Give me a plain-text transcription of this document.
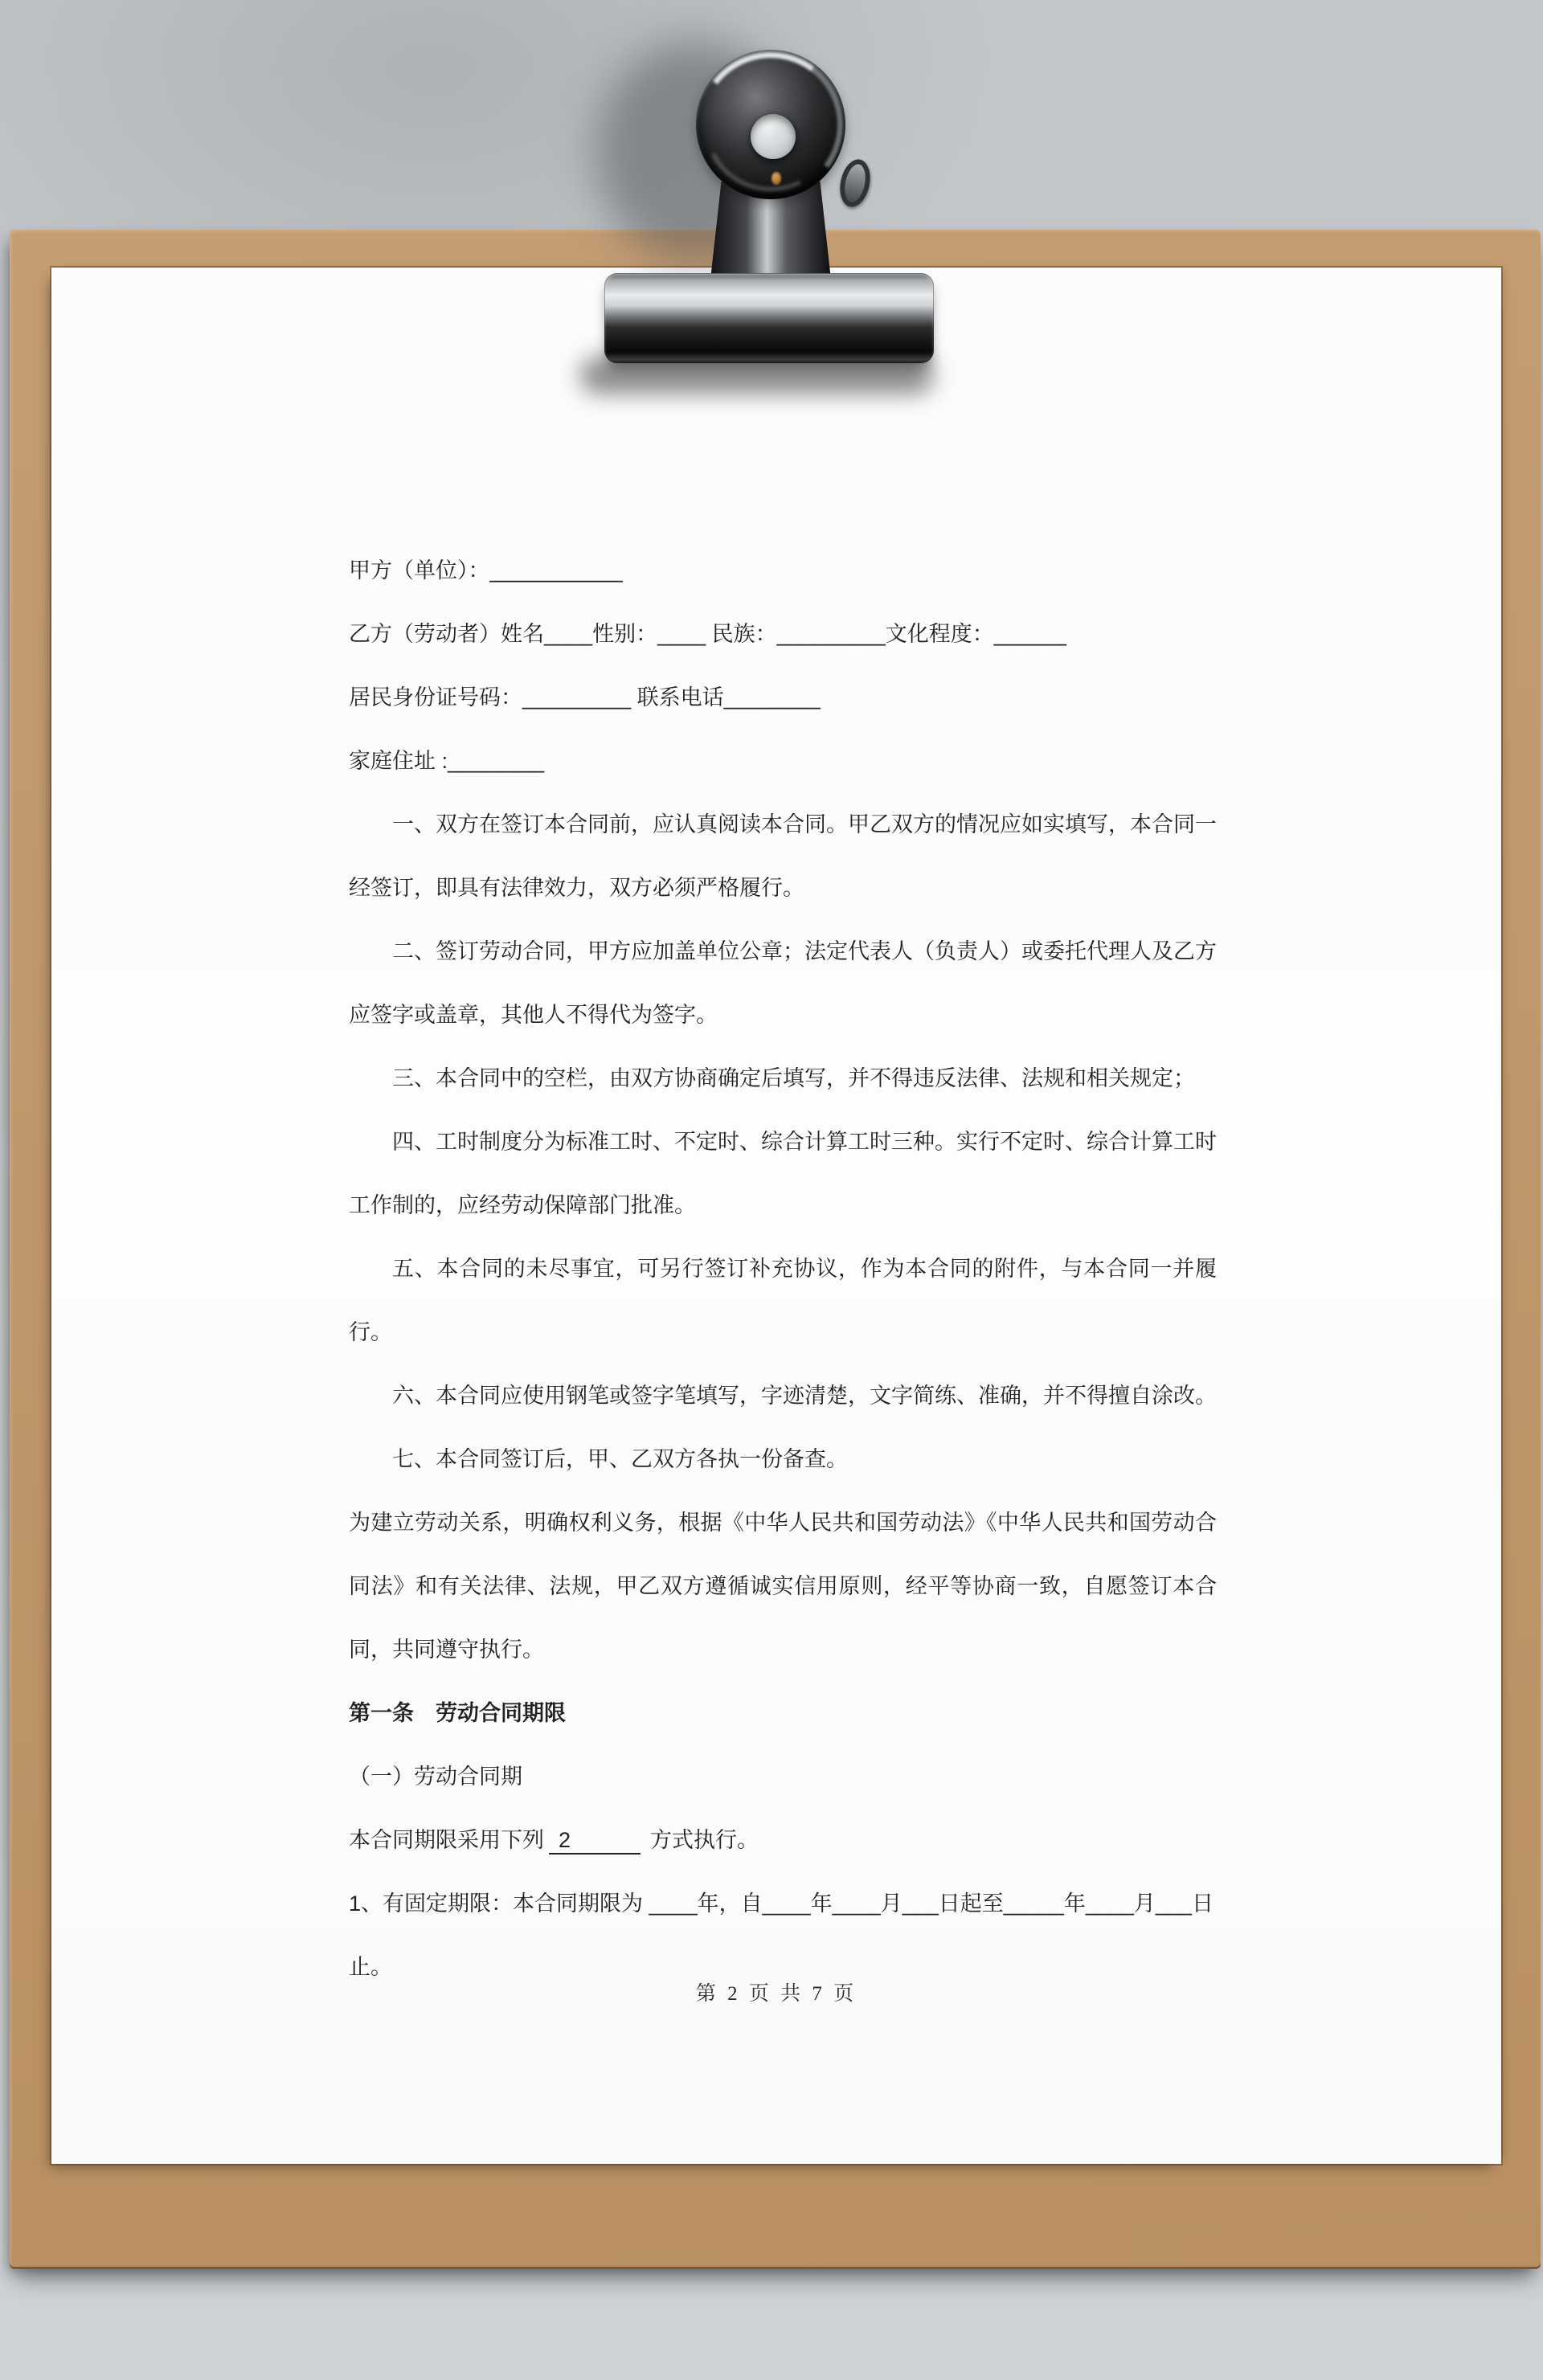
甲方（单位）：___________

乙方（劳动者）姓名____性别：____ 民族：_________文化程度：______

居民身份证号码：_________ 联系电话________

家庭住址 :________

一、双方在签订本合同前，应认真阅读本合同。甲乙双方的情况应如实填写，本合同一经签订，即具有法律效力，双方必须严格履行。

二、签订劳动合同，甲方应加盖单位公章；法定代表人（负责人）或委托代理人及乙方应签字或盖章，其他人不得代为签字。

三、本合同中的空栏，由双方协商确定后填写，并不得违反法律、法规和相关规定；

四、工时制度分为标准工时、不定时、综合计算工时三种。实行不定时、综合计算工时工作制的，应经劳动保障部门批准。

五、本合同的未尽事宜，可另行签订补充协议，作为本合同的附件，与本合同一并履行。

六、本合同应使用钢笔或签字笔填写，字迹清楚，文字简练、准确，并不得擅自涂改。

七、本合同签订后，甲、乙双方各执一份备查。

为建立劳动关系，明确权利义务，根据《中华人民共和国劳动法》《中华人民共和国劳动合同法》和有关法律、法规，甲乙双方遵循诚实信用原则，经平等协商一致，自愿签订本合同，共同遵守执行。

第一条　劳动合同期限

（一）劳动合同期

本合同期限采用下列 2	方式执行。

1、有固定期限：本合同期限为 ____年，自____年____月___日起至_____年____月___日

止。

第 2 页 共 7 页
